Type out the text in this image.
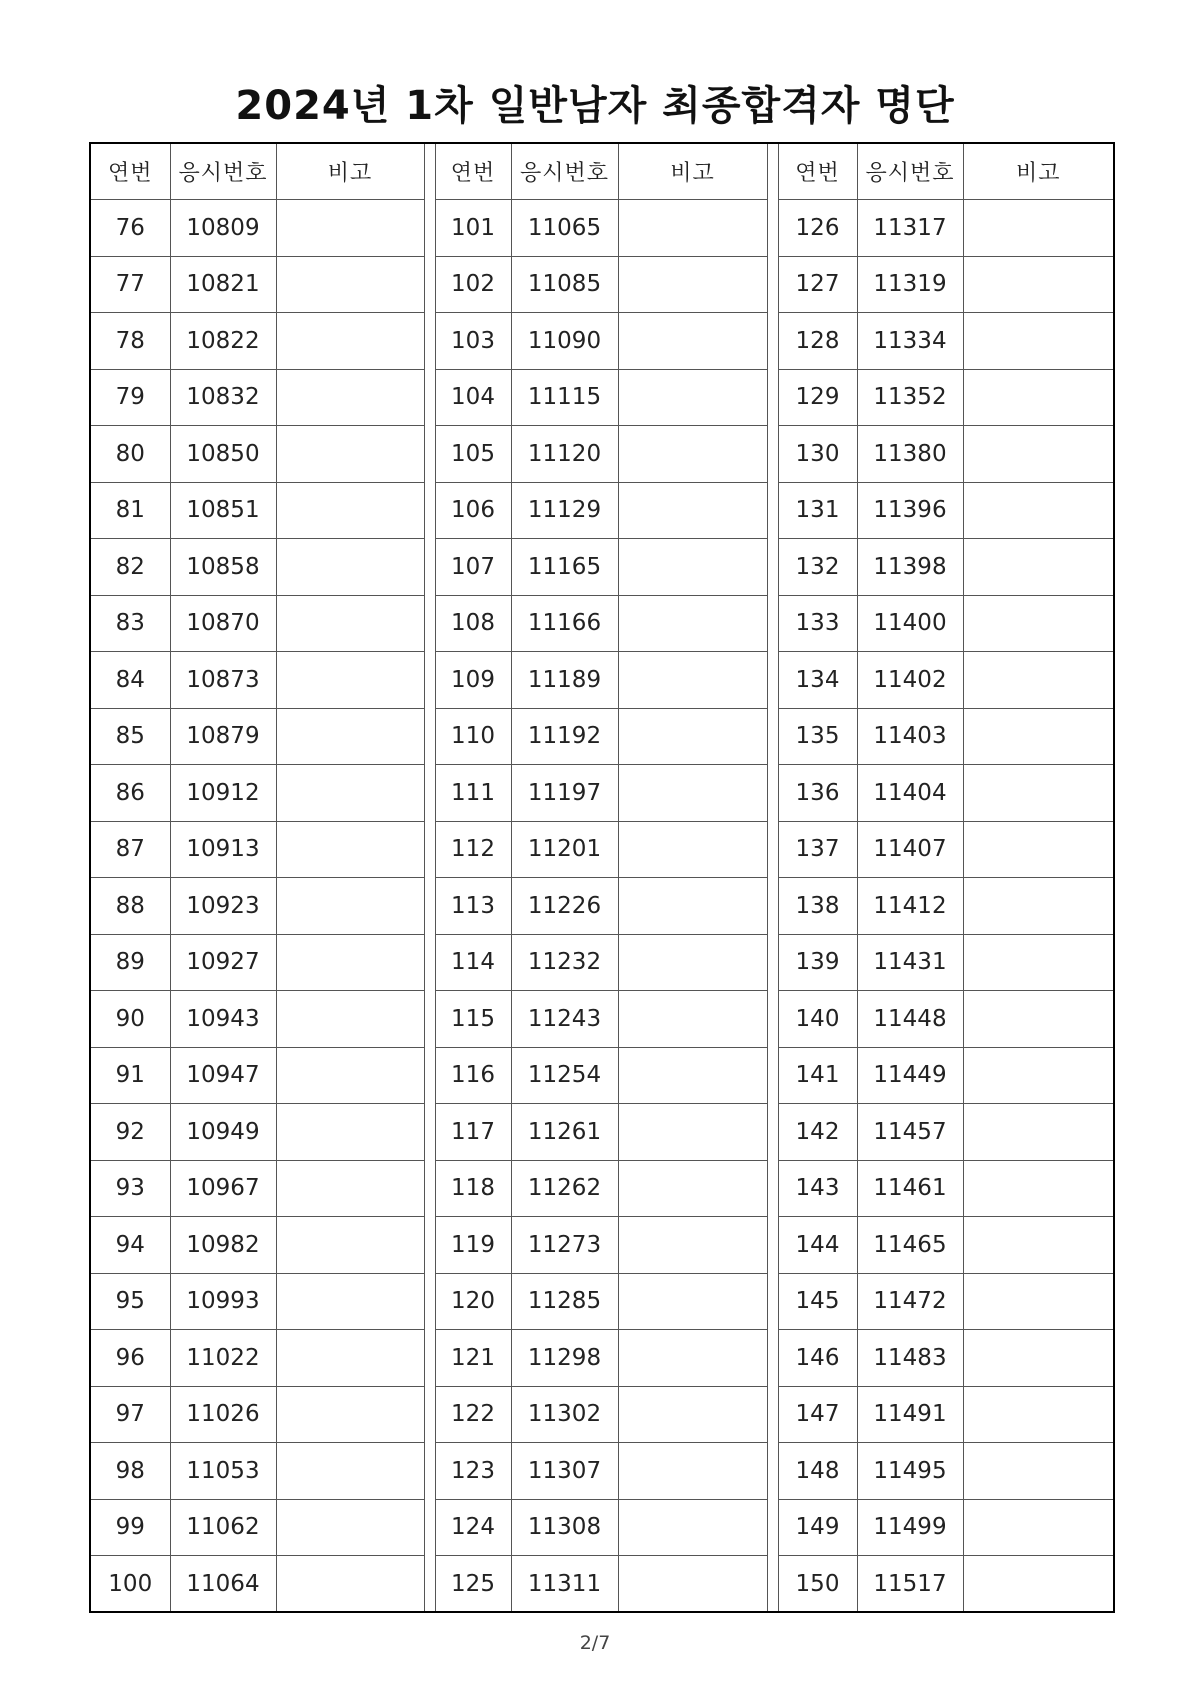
2024년 1차 일반남자 최종합격자 명단
연번	응시번호	비고		연번	응시번호	비고		연번	응시번호	비고
76	10809			101	11065			126	11317	
77	10821			102	11085			127	11319	
78	10822			103	11090			128	11334	
79	10832			104	11115			129	11352	
80	10850			105	11120			130	11380	
81	10851			106	11129			131	11396	
82	10858			107	11165			132	11398	
83	10870			108	11166			133	11400	
84	10873			109	11189			134	11402	
85	10879			110	11192			135	11403	
86	10912			111	11197			136	11404	
87	10913			112	11201			137	11407	
88	10923			113	11226			138	11412	
89	10927			114	11232			139	11431	
90	10943			115	11243			140	11448	
91	10947			116	11254			141	11449	
92	10949			117	11261			142	11457	
93	10967			118	11262			143	11461	
94	10982			119	11273			144	11465	
95	10993			120	11285			145	11472	
96	11022			121	11298			146	11483	
97	11026			122	11302			147	11491	
98	11053			123	11307			148	11495	
99	11062			124	11308			149	11499	
100	11064			125	11311			150	11517	
2/7
